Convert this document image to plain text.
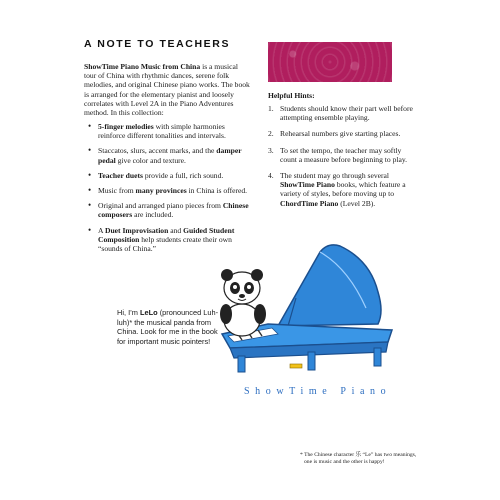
A NOTE TO TEACHERS
ShowTime Piano Music from China is a musical tour of China with rhythmic dances, serene folk melodies, and original Chinese piano works. The book is arranged for the elementary pianist and loosely correlates with Level 2A in the Piano Adventures method. In this collection:
• 5-finger melodies with simple harmonies reinforce different tonalities and intervals.
• Staccatos, slurs, accent marks, and the damper pedal give color and texture.
• Teacher duets provide a full, rich sound.
• Music from many provinces in China is offered.
• Original and arranged piano pieces from Chinese composers are included.
• A Duet Improvisation and Guided Student Composition help students create their own “sounds of China.”
Helpful Hints:
1. Students should know their part well before attempting ensemble playing.
2. Rehearsal numbers give starting places.
3. To set the tempo, the teacher may softly count a measure before beginning to play.
4. The student may go through several ShowTime Piano books, which feature a variety of styles, before moving up to ChordTime Piano (Level 2B).
Hi, I’m LeLo (pronounced Luh-luh)* the musical panda from China. Look for me in the book for important music pointers!
ShowTime Piano
* The Chinese character 乐 “Le” has two meanings,
one is music and the other is happy!
